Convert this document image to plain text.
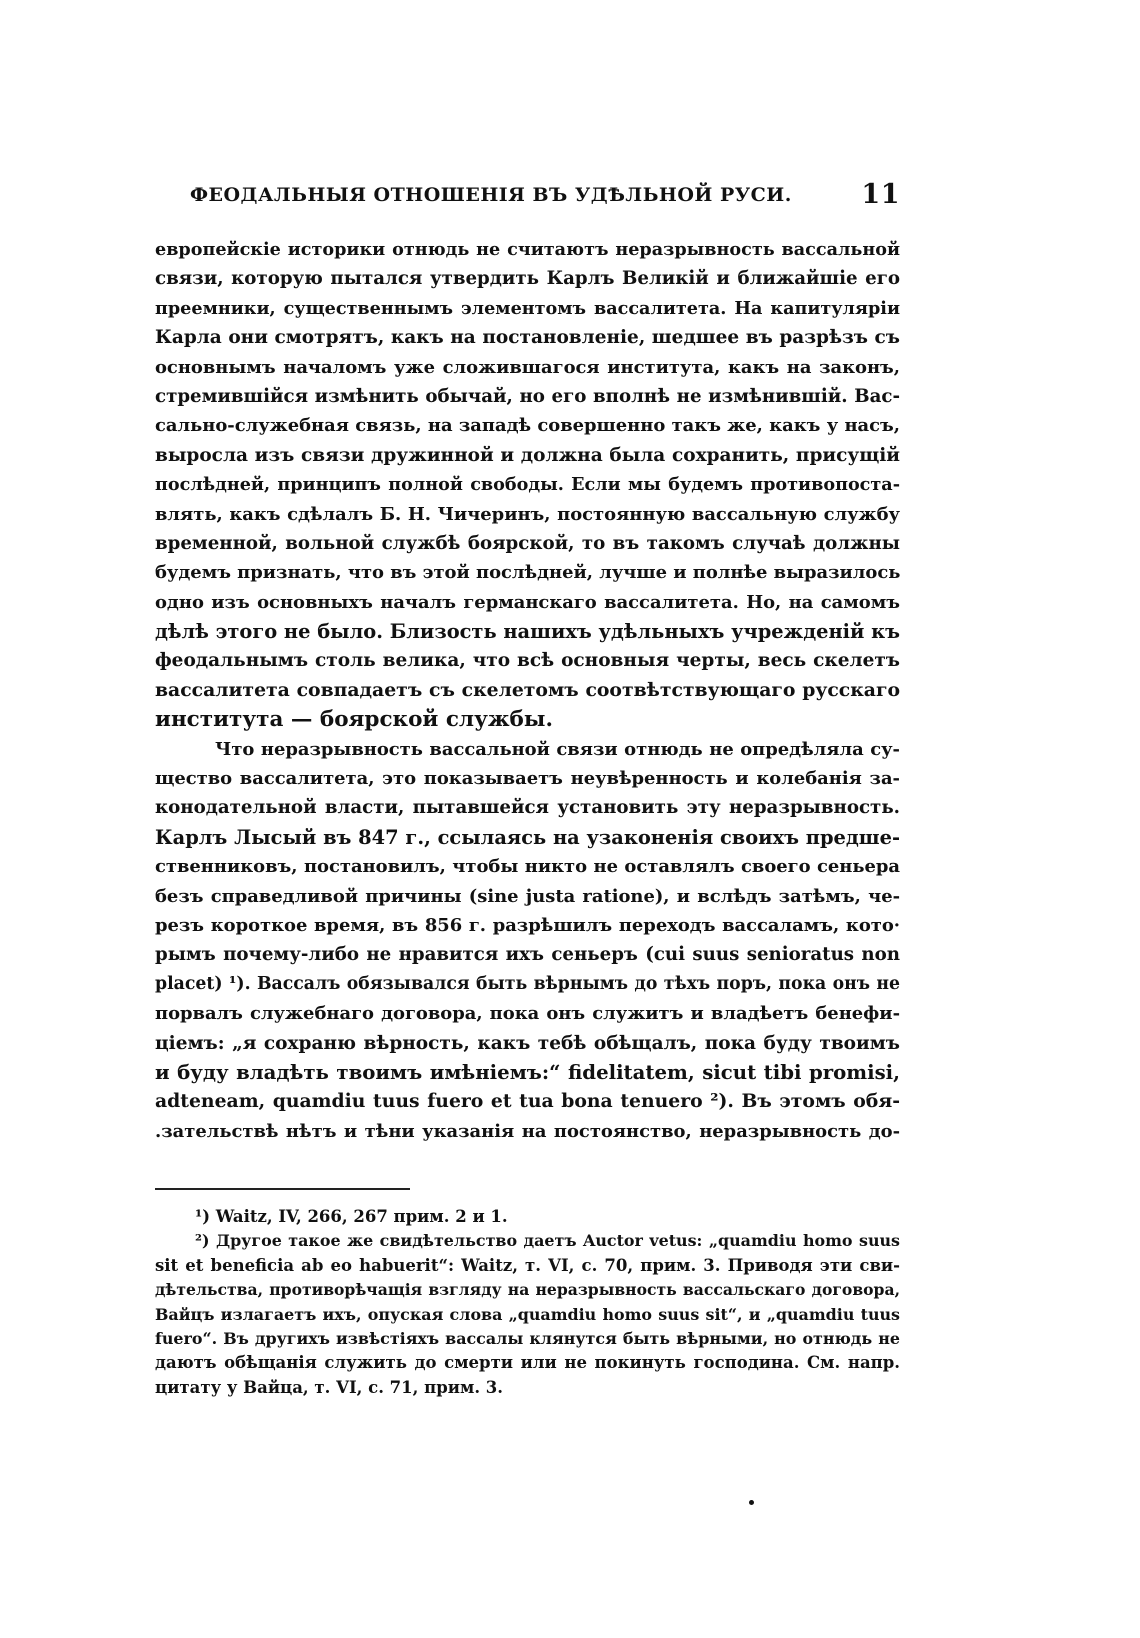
ФЕОДАЛЬНЫЯ ОТНОШЕНІЯ ВЪ УДѢЛЬНОЙ РУСИ.	11
европейскіе историки отнюдь не считаютъ неразрывность вассальной
связи, которую пытался утвердить Карлъ Великій и ближайшіе его
преемники, существеннымъ элементомъ вассалитета. На капитуляріи
Карла они смотрятъ, какъ на постановленіе, шедшее въ разрѣзъ съ
основнымъ началомъ уже сложившагося института, какъ на законъ,
стремившійся измѣнить обычай, но его вполнѣ не измѣнившій. Вас-
сально-служебная связь, на западѣ совершенно такъ же, какъ у насъ,
выросла изъ связи дружинной и должна была сохранить, присущій
послѣдней, принципъ полной свободы. Если мы будемъ противопоста-
влять, какъ сдѣлалъ Б. Н. Чичеринъ, постоянную вассальную службу
временной, вольной службѣ боярской, то въ такомъ случаѣ должны
будемъ признать, что въ этой послѣдней, лучше и полнѣе выразилось
одно изъ основныхъ началъ германскаго вассалитета. Но, на самомъ
дѣлѣ этого не было. Близость нашихъ удѣльныхъ учрежденій къ
феодальнымъ столь велика, что всѣ основныя черты, весь скелетъ
вассалитета совпадаетъ съ скелетомъ соотвѣтствующаго русскаго
института — боярской службы.
Что неразрывность вассальной связи отнюдь не опредѣляла су-
щество вассалитета, это показываетъ неувѣренность и колебанія за-
конодательной власти, пытавшейся установить эту неразрывность.
Карлъ Лысый въ 847 г., ссылаясь на узаконенія своихъ предше-
ственниковъ, постановилъ, чтобы никто не оставлялъ своего сеньера
безъ справедливой причины (sine justa ratione), и вслѣдъ затѣмъ, че-
резъ короткое время, въ 856 г. разрѣшилъ переходъ вассаламъ, кото·
рымъ почему-либо не нравится ихъ сеньеръ (cui suus senioratus non
placet) ¹). Вассалъ обязывался быть вѣрнымъ до тѣхъ поръ, пока онъ не
порвалъ служебнаго договора, пока онъ служитъ и владѣетъ бенефи-
ціемъ: „я сохраню вѣрность, какъ тебѣ обѣщалъ, пока буду твоимъ
и буду владѣть твоимъ имѣніемъ:“ fidelitatem, sicut tibi promisi,
adteneam, quamdiu tuus fuero et tua bona tenuero ²). Въ этомъ обя-
.зательствѣ нѣтъ и тѣни указанія на постоянство, неразрывность до-
¹) Waitz, IV, 266, 267 прим. 2 и 1.
²) Другое такое же свидѣтельство даетъ Auctor vetus: „quamdiu homo suus
sit et beneficia ab eo habuerit“: Waitz, т. VI, с. 70, прим. 3. Приводя эти сви-
дѣтельства, противорѣчащія взгляду на неразрывность вассальскаго договора,
Вайцъ излагаетъ ихъ, опуская слова „quamdiu homo suus sit“, и „quamdiu tuus
fuero“. Въ другихъ извѣстіяхъ вассалы клянутся быть вѣрными, но отнюдь не
даютъ обѣщанія служить до смерти или не покинуть господина. См. напр.
цитату у Вайца, т. VI, с. 71, прим. 3.
